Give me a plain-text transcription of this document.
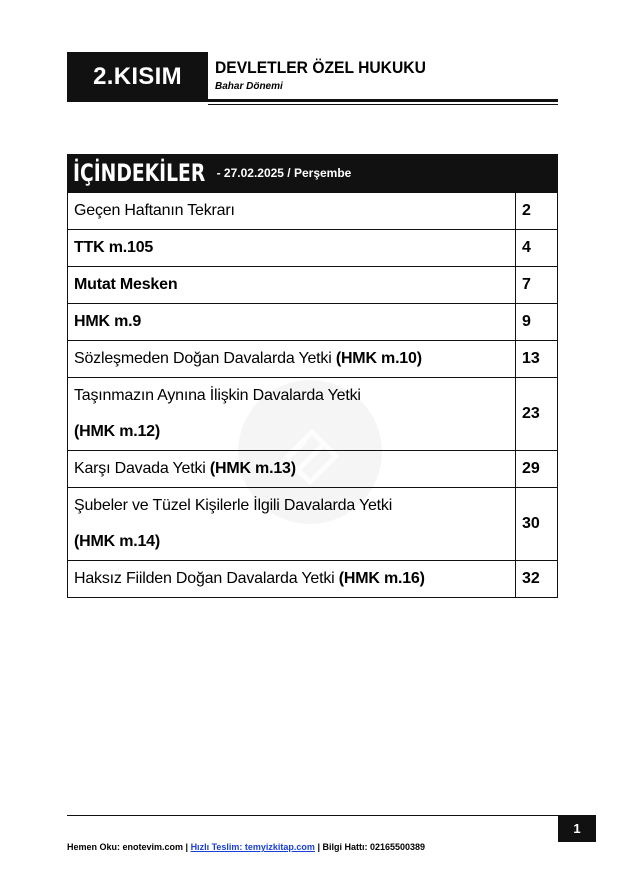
2.KISIM	DEVLETLER ÖZEL HUKUKU
Bahar Dönemi
İÇİNDEKİLER - 27.02.2025 / Perşembe
Geçen Haftanın Tekrarı	2
TTK m.105	4
Mutat Mesken	7
HMK m.9	9
Sözleşmeden Doğan Davalarda Yetki (HMK m.10)	13
Taşınmazın Aynına İlişkin Davalarda Yetki
(HMK m.12)	23
Karşı Davada Yetki (HMK m.13)	29
Şubeler ve Tüzel Kişilerle İlgili Davalarda Yetki
(HMK m.14)	30
Haksız Fiilden Doğan Davalarda Yetki (HMK m.16)	32
1
Hemen Oku: enotevim.com | Hızlı Teslim: temyizkitap.com | Bilgi Hattı: 02165500389
